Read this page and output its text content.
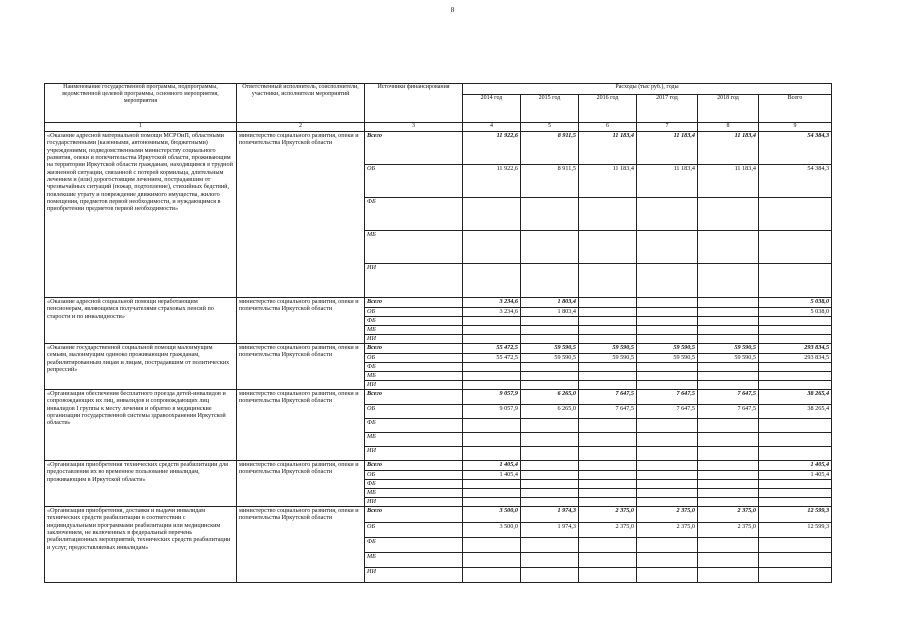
8
Наименование государственной программы, подпрограммы, ведомственной целевой программы, основного мероприятия, мероприятия	Ответственный исполнитель, соисполнители, участники, исполнители мероприятий	Источники финансирования	Расходы (тыс руб.), годы					
			2014 год	2015 год	2016 год	2017 год	2018 год	Всего
1	2	3	4	5	6	7	8	9
«Оказание адресной материальной помощи МСРОиП, областными государственными (казенными, автономными, бюджетными) учреждениями, подведомственными министерству социального развития, опеки и попечительства Иркутской области, проживающим на территории Иркутской области гражданам, находящимся в трудной жизненной ситуации, связанной с потерей кормильца, длительным лечением и (или) дорогостоящим лечением, пострадавшим от чрезвычайных ситуаций (пожар, подтопление), стихийных бедствий, повлекшие утрату и повреждение движимого имущества, жилого помещения, предметов первой необходимости, и нуждающимся в приобретении предметов первой необходимости»	министерство социального развития, опеки и попечительства Иркутской области	Всего	11 922,6	8 911,5	11 183,4	11 183,4	11 183,4	54 384,3
		ОБ	11 922,6	8 911,5	11 183,4	11 183,4	11 183,4	54 384,3
		ФБ						
		МБ						
		ИИ						
«Оказание адресной социальной помощи неработающим пенсионерам, являющимся получателями страховых пенсий по старости и по инвалидности»	министерство социального развития, опеки и попечительства Иркутской области	Всего	3 234,6	1 803,4				5 038,0
		ОБ	3 234,6	1 803,4				5 038,0
		ФБ						
		МБ						
		ИИ						
«Оказание государственной социальной помощи малоимущим семьям, малоимущим одиноко проживающим гражданам, реабилитированным лицам и лицам, пострадавшим от политических репрессий»	министерство социального развития, опеки и попечительства Иркутской области	Всего	55 472,5	59 590,5	59 590,5	59 590,5	59 590,5	293 834,5
		ОБ	55 472,5	59 590,5	59 590,5	59 590,5	59 590,5	293 834,5
		ФБ						
		МБ						
		ИИ						
«Организация обеспечения бесплатного проезда детей-инвалидов и сопровождающих их лиц, инвалидов и сопровождающих лиц инвалидов I группы к месту лечения и обратно в медицинские организации государственной системы здравоохранения Иркутской области»	министерство социального развития, опеки и попечительства Иркутской области	Всего	9 057,9	6 265,0	7 647,5	7 647,5	7 647,5	38 265,4
		ОБ	9 057,9	6 265,0	7 647,5	7 647,5	7 647,5	38 265,4
		ФБ						
		МБ						
		ИИ						
«Организация приобретения технических средств реабилитации для предоставления их во временное пользование инвалидам, проживающим в Иркутской области»	министерство социального развития, опеки и попечительства Иркутской области	Всего	1 405,4					1 405,4
		ОБ	1 405,4					1 405,4
		ФБ						
		МБ						
		ИИ						
«Организация приобретения, доставки и выдачи инвалидам технических средств реабилитации в соответствии с индивидуальными программами реабилитации или медицинским заключением, не включенных в федеральный перечень реабилитационных мероприятий, технических средств реабилитации и услуг, предоставляемых инвалидам»	министерство социального развития, опеки и попечительства Иркутской области	Всего	3 500,0	1 974,3	2 375,0	2 375,0	2 375,0	12 599,3
		ОБ	3 500,0	1 974,3	2 375,0	2 375,0	2 375,0	12 599,3
		ФБ						
		МБ						
		ИИ						
